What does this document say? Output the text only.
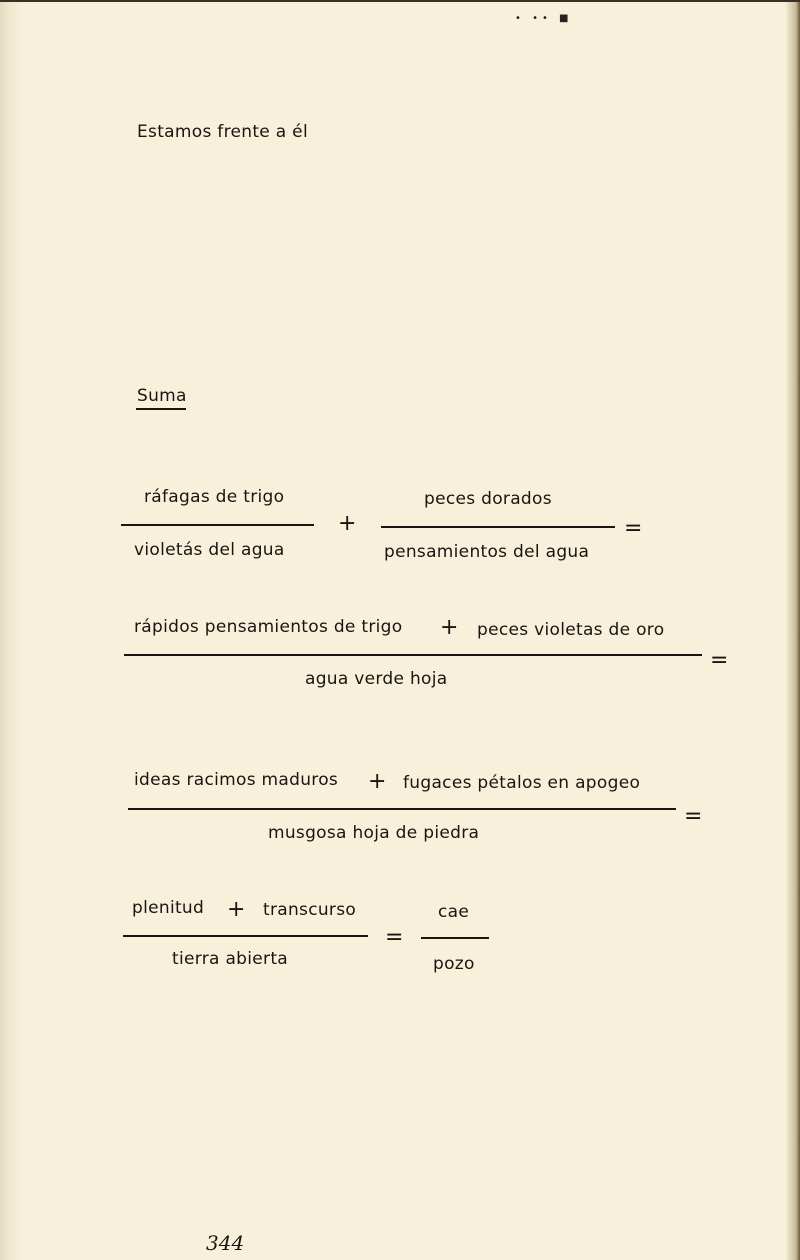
• •• ■
Estamos frente a él
Suma
ráfagas de trigo
violetás del agua
+
peces dorados
pensamientos del agua
=
rápidos pensamientos de trigo + peces violetas de oro
=
agua verde hoja
ideas racimos maduros + fugaces pétalos en apogeo
=
musgosa hoja de piedra
plenitud + transcurso
tierra abierta
=
cae
pozo
344
